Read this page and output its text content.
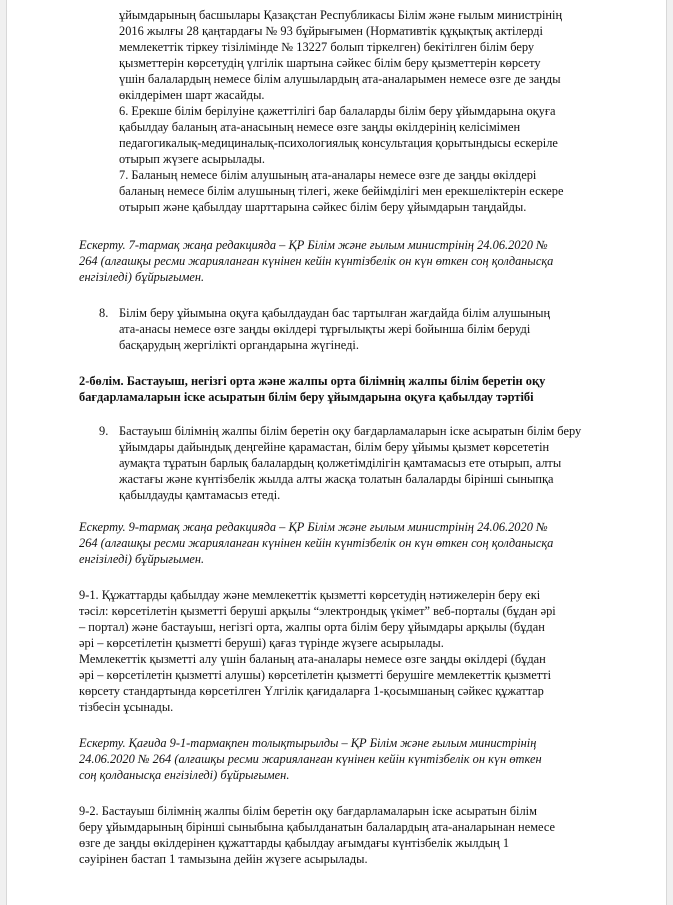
ұйымдарының басшылары Қазақстан Республикасы Білім және ғылым министрінің
2016 жылғы 28 қаңтардағы № 93 бұйрығымен (Нормативтік құқықтық актілерді
мемлекеттік тіркеу тізілімінде № 13227 болып тіркелген) бекітілген білім беру
қызметтерін көрсетудің үлгілік шартына сәйкес білім беру қызметтерін көрсету
үшін балалардың немесе білім алушылардың ата-аналарымен немесе өзге де заңды
өкілдерімен шарт жасайды.
6. Ерекше білім берілуіне қажеттілігі бар балаларды білім беру ұйымдарына оқуға
қабылдау баланың ата-анасының немесе өзге заңды өкілдерінің келісімімен
педагогикалық-медициналық-психологиялық консультация қорытындысы ескеріле
отырып жүзеге асырылады.
7. Баланың немесе білім алушының ата-аналары немесе өзге де заңды өкілдері
баланың немесе білім алушының тілегі, жеке бейімділігі мен ерекшеліктерін ескере
отырып және қабылдау шарттарына сәйкес білім беру ұйымдарын таңдайды.
Ескерту. 7-тармақ жаңа редакцияда – ҚР Білім және ғылым министрінің 24.06.2020 №
264 (алғашқы ресми жарияланған күнінен кейін күнтізбелік он күн өткен соң қолданысқа
енгізіледі) бұйрығымен.
8. Білім беру ұйымына оқуға қабылдаудан бас тартылған жағдайда білім алушының
ата-анасы немесе өзге заңды өкілдері тұрғылықты жері бойынша білім беруді
басқарудың жергілікті органдарына жүгінеді.
2-бөлім. Бастауыш, негізгі орта және жалпы орта білімнің жалпы білім беретін оқу
бағдарламаларын іске асыратын білім беру ұйымдарына оқуға қабылдау тәртібі
9. Бастауыш білімнің жалпы білім беретін оқу бағдарламаларын іске асыратын білім беру
ұйымдары дайындық деңгейіне қарамастан, білім беру ұйымы қызмет көрсететін
аумақта тұратын барлық балалардың қолжетімділігін қамтамасыз ете отырып, алты
жастағы және күнтізбелік жылда алты жасқа толатын балаларды бірінші сыныпқа
қабылдауды қамтамасыз етеді.
Ескерту. 9-тармақ жаңа редакцияда – ҚР Білім және ғылым министрінің 24.06.2020 №
264 (алғашқы ресми жарияланған күнінен кейін күнтізбелік он күн өткен соң қолданысқа
енгізіледі) бұйрығымен.
9-1. Құжаттарды қабылдау және мемлекеттік қызметті көрсетудің нәтижелерін беру екі
тәсіл: көрсетілетін қызметті беруші арқылы “электрондық үкімет” веб-порталы (бұдан әрі
– портал) және бастауыш, негізгі орта, жалпы орта білім беру ұйымдары арқылы (бұдан
әрі – көрсетілетін қызметті беруші) қағаз түрінде жүзеге асырылады.
Мемлекеттік қызметті алу үшін баланың ата-аналары немесе өзге заңды өкілдері (бұдан
әрі – көрсетілетін қызметті алушы) көрсетілетін қызметті берушіге мемлекеттік қызметті
көрсету стандартында көрсетілген Үлгілік қағидаларға 1-қосымшаның сәйкес құжаттар
тізбесін ұсынады.
Ескерту. Қағида 9-1-тармақпен толықтырылды – ҚР Білім және ғылым министрінің
24.06.2020 № 264 (алғашқы ресми жарияланған күнінен кейін күнтізбелік он күн өткен
соң қолданысқа енгізіледі) бұйрығымен.
9-2. Бастауыш білімнің жалпы білім беретін оқу бағдарламаларын іске асыратын білім
беру ұйымдарының бірінші сыныбына қабылданатын балалардың ата-аналарынан немесе
өзге де заңды өкілдерінен құжаттарды қабылдау ағымдағы күнтізбелік жылдың 1
сәуірінен бастап 1 тамызына дейін жүзеге асырылады.
